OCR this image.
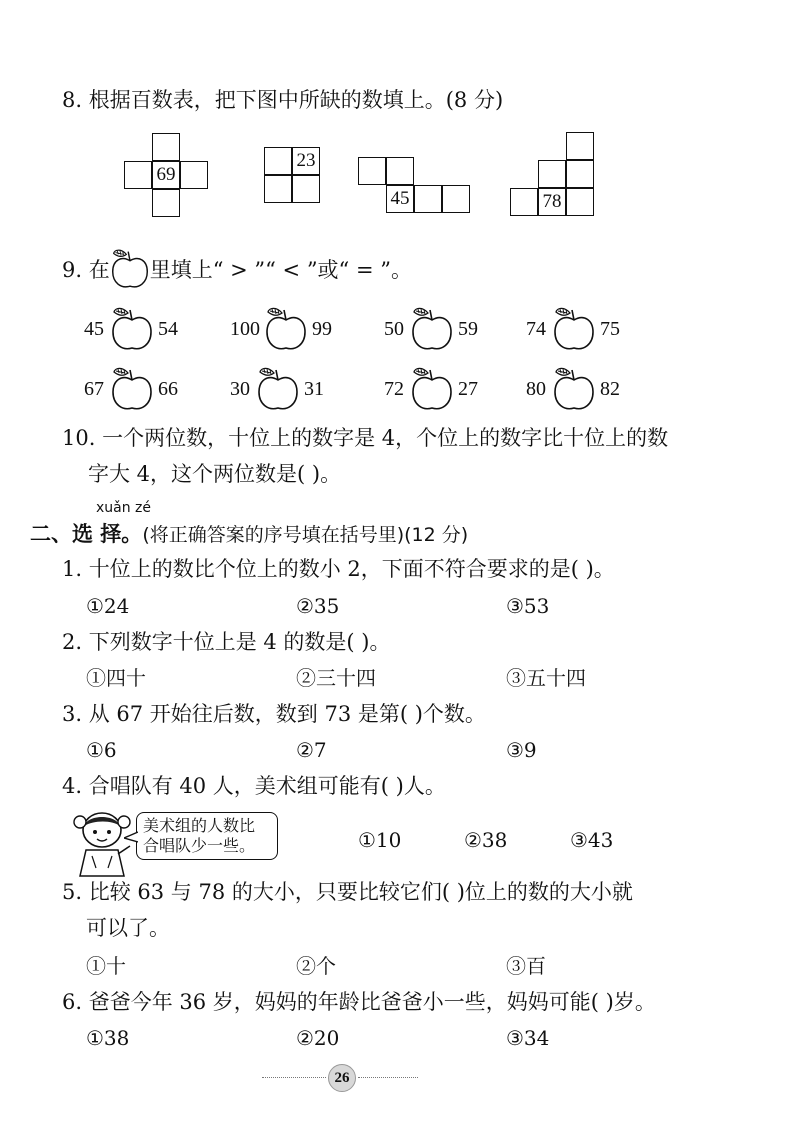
8. 根据百数表，把下图中所缺的数填上。(8 分)
69
23
45	78
9. 在 里填上“ > ”“ < ”或“ = ”。
45	54	100	99	50	59 74	75
67	66	30	31	72	27 80	82
10. 一个两位数，十位上的数字是 4，个位上的数字比十位上的数
字大 4，这个两位数是( )。
xuǎn zé
二、选 择。(将正确答案的序号填在括号里)(12 分)
1. 十位上的数比个位上的数小 2，下面不符合要求的是( )。
①24	②35	③53
2. 下列数字十位上是 4 的数是( )。
①四十	②三十四	③五十四
3. 从 67 开始往后数，数到 73 是第( )个数。
①6	②7	③9
4. 合唱队有 40 人，美术组可能有( )人。
美术组的人数比
合唱队少一些。	①10	②38	③43
5. 比较 63 与 78 的大小，只要比较它们( )位上的数的大小就
可以了。
①十	②个	③百
6. 爸爸今年 36 岁，妈妈的年龄比爸爸小一些，妈妈可能( )岁。
①38	②20	③34
26
